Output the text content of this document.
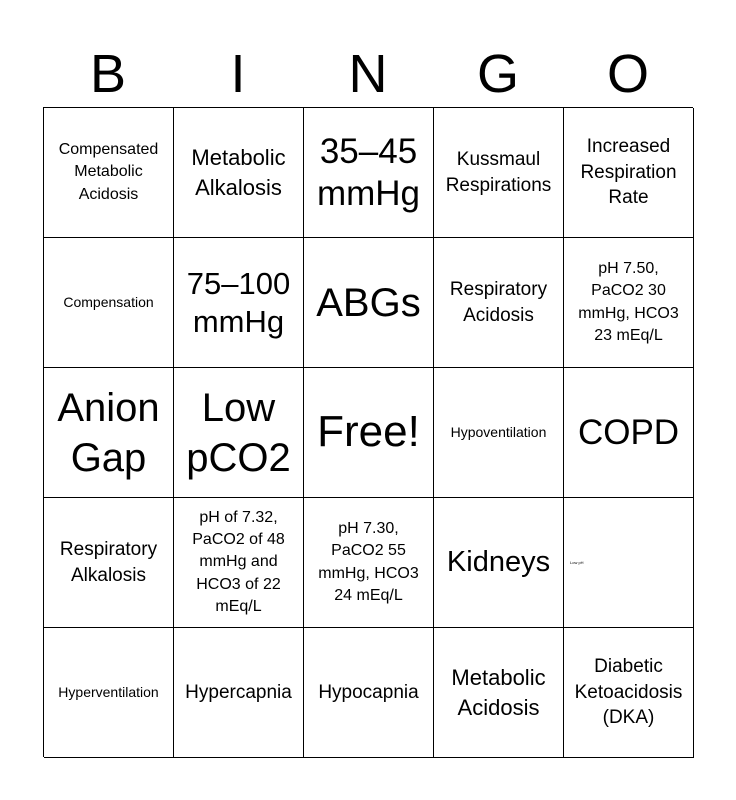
B	I	N	G	O
Compensated Metabolic Acidosis
Metabolic Alkalosis
35–45 mmHg
Kussmaul Respirations
Increased Respiration Rate
Compensation
75–100 mmHg ABGs	Respiratory Acidosis
pH 7.50, PaCO2 30 mmHg, HCO3 23 mEq/L
Anion Gap
Low pCO2
Free! Hypoventilation COPD
Respiratory Alkalosis
pH of 7.32, PaCO2 of 48 mmHg and HCO3 of 22 mEq/L
pH 7.30, PaCO2 55 mmHg, HCO3 24 mEq/L
Kidneys	Low pH
Hyperventilation Hypercapnia Hypocapnia
Metabolic Acidosis
Diabetic Ketoacidosis (DKA)
